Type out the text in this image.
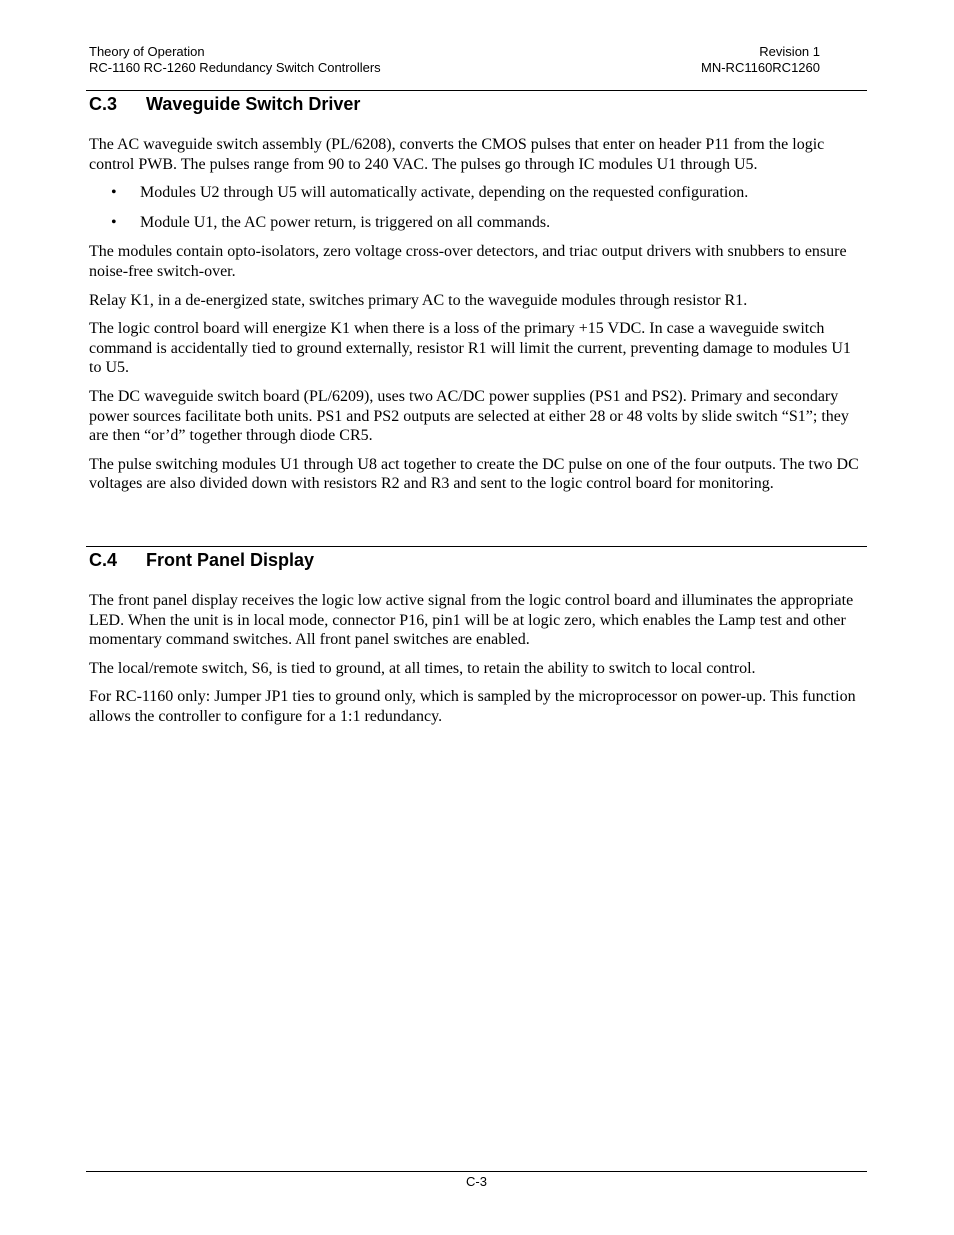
Theory of Operation	Revision 1
RC-1160 RC-1260 Redundancy Switch Controllers	MN-RC1160RC1260
C.3	Waveguide Switch Driver

The AC waveguide switch assembly (PL/6208), converts the CMOS pulses that enter on header P11 from the logic control PWB. The pulses range from 90 to 240 VAC. The pulses go through IC modules U1 through U5.

• Modules U2 through U5 will automatically activate, depending on the requested configuration.
• Module U1, the AC power return, is triggered on all commands.

The modules contain opto-isolators, zero voltage cross-over detectors, and triac output drivers with snubbers to ensure noise-free switch-over.

Relay K1, in a de-energized state, switches primary AC to the waveguide modules through resistor R1.

The logic control board will energize K1 when there is a loss of the primary +15 VDC. In case a waveguide switch command is accidentally tied to ground externally, resistor R1 will limit the current, preventing damage to modules U1 to U5.

The DC waveguide switch board (PL/6209), uses two AC/DC power supplies (PS1 and PS2). Primary and secondary power sources facilitate both units. PS1 and PS2 outputs are selected at either 28 or 48 volts by slide switch “S1”; they are then “or’d” together through diode CR5.

The pulse switching modules U1 through U8 act together to create the DC pulse on one of the four outputs. The two DC voltages are also divided down with resistors R2 and R3 and sent to the logic control board for monitoring.

C.4	Front Panel Display

The front panel display receives the logic low active signal from the logic control board and illuminates the appropriate LED. When the unit is in local mode, connector P16, pin1 will be at logic zero, which enables the Lamp test and other momentary command switches. All front panel switches are enabled.

The local/remote switch, S6, is tied to ground, at all times, to retain the ability to switch to local control.

For RC-1160 only: Jumper JP1 ties to ground only, which is sampled by the microprocessor on power-up. This function allows the controller to configure for a 1:1 redundancy.

C-3
